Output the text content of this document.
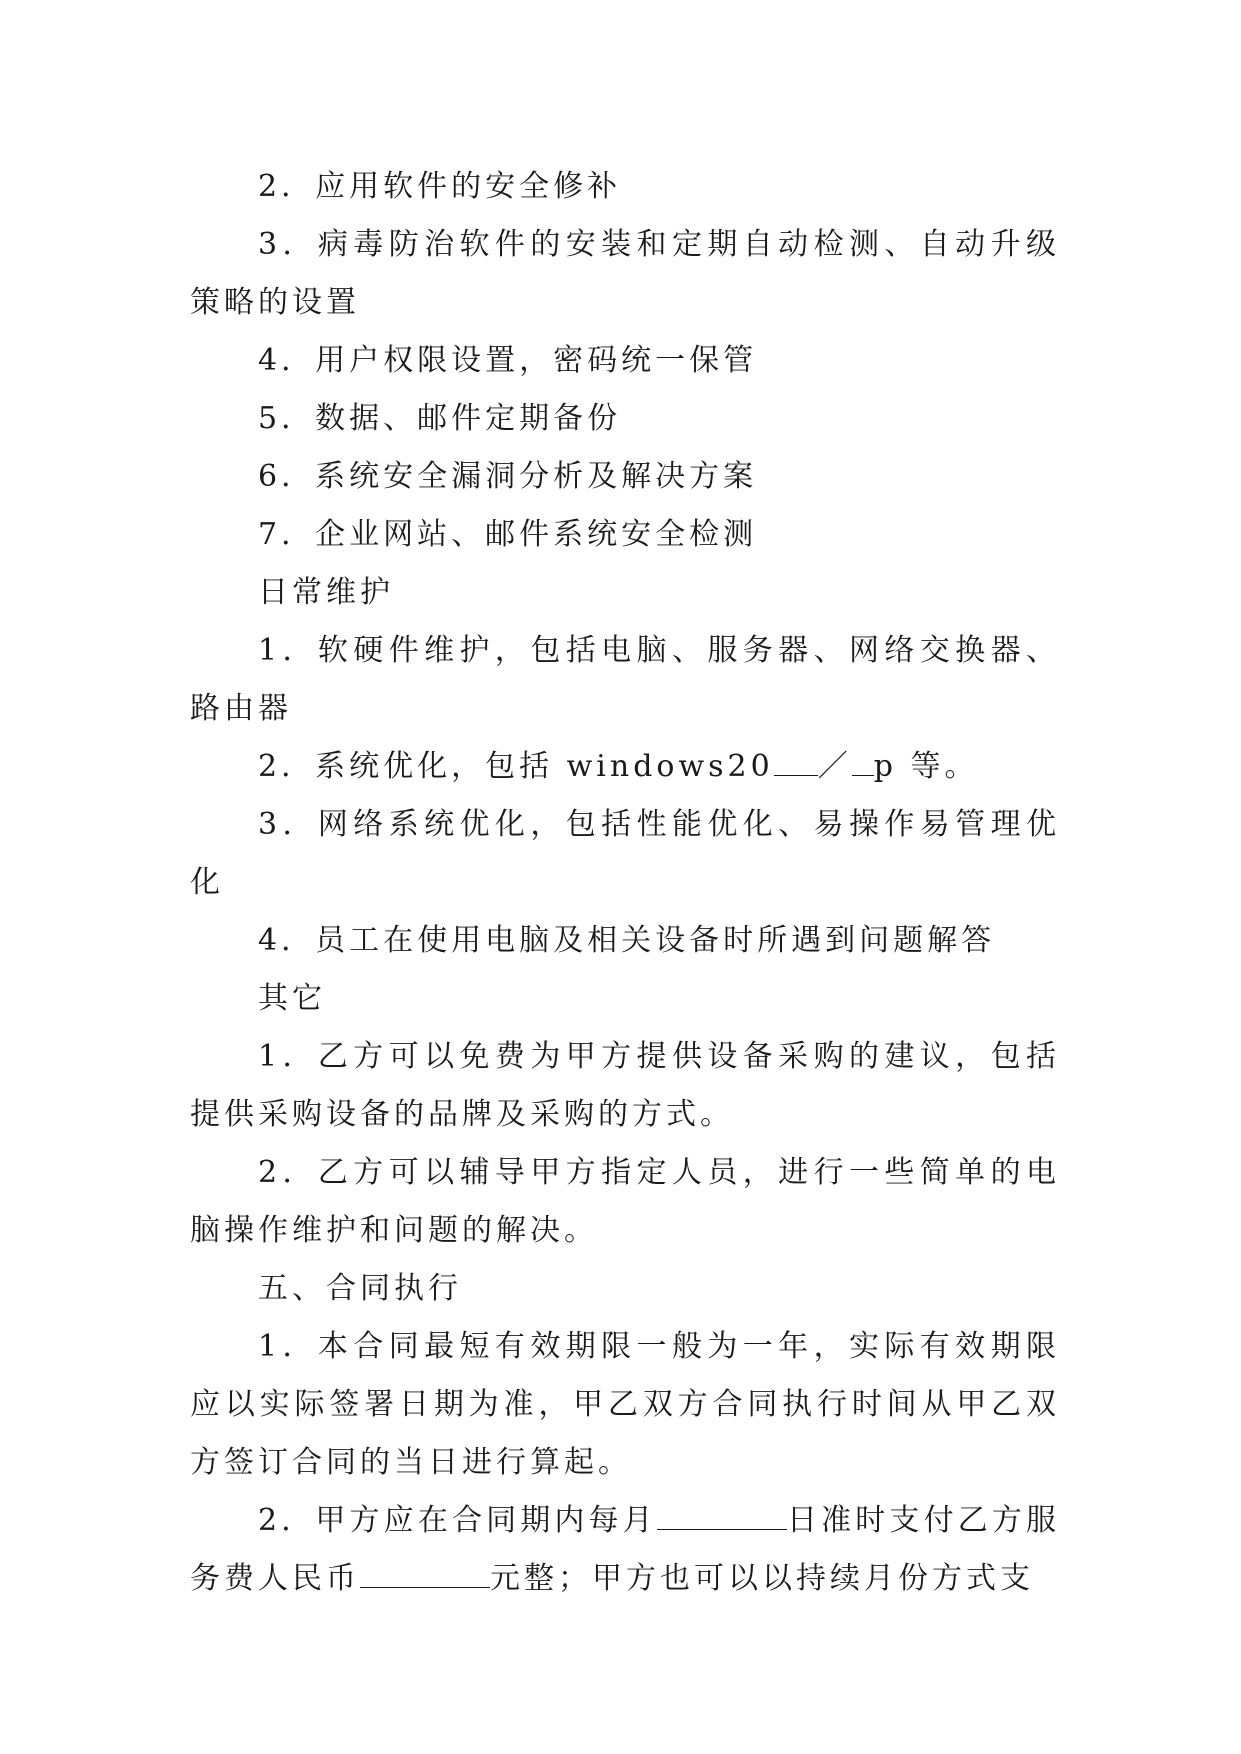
2．应用软件的安全修补

3．病毒防治软件的安装和定期自动检测、自动升级策略的设置

4．用户权限设置，密码统一保管

5．数据、邮件定期备份

6．系统安全漏洞分析及解决方案

7．企业网站、邮件系统安全检测

日常维护

1．软硬件维护，包括电脑、服务器、网络交换器、路由器

2．系统优化，包括 windows20 ／ p 等。

3．网络系统优化，包括性能优化、易操作易管理优化

4．员工在使用电脑及相关设备时所遇到问题解答

其它

1．乙方可以免费为甲方提供设备采购的建议，包括提供采购设备的品牌及采购的方式。

2．乙方可以辅导甲方指定人员，进行一些简单的电脑操作维护和问题的解决。

五、合同执行

1．本合同最短有效期限一般为一年，实际有效期限应以实际签署日期为准，甲乙双方合同执行时间从甲乙双方签订合同的当日进行算起。

2．甲方应在合同期内每月	日准时支付乙方服务费人民币	元整；甲方也可以以持续月份方式支
